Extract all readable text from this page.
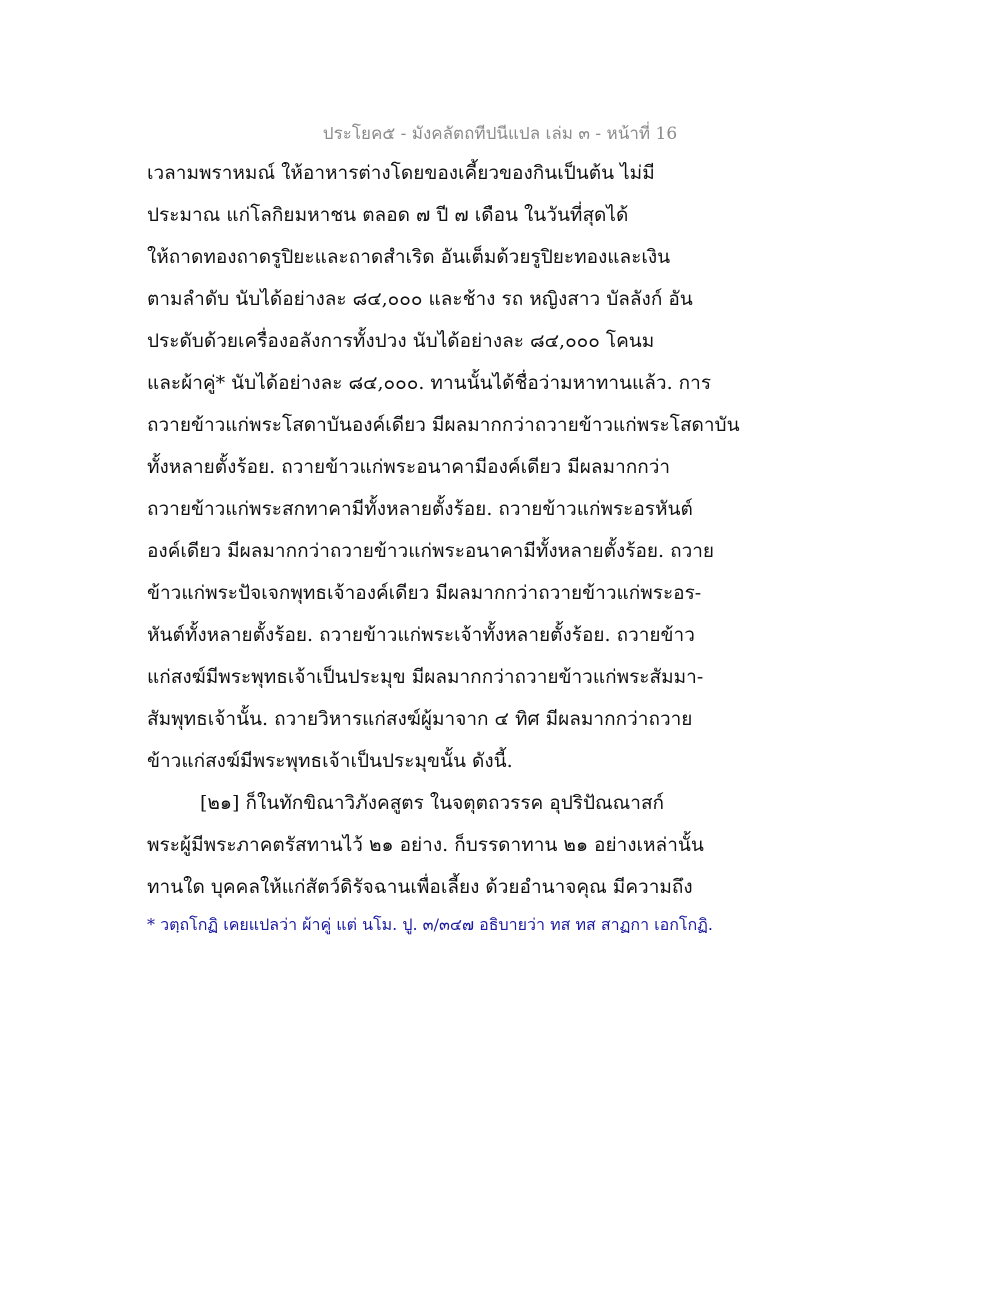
ประโยค๕ - มังคลัตถทีปนีแปล เล่ม ๓ - หน้าที่ 16
เวลามพราหมณ์ ให้อาหารต่างโดยของเคี้ยวของกินเป็นต้น ไม่มี
ประมาณ แก่โลกิยมหาชน ตลอด ๗ ปี ๗ เดือน ในวันที่สุดได้
ให้ถาดทองถาดรูปิยะและถาดสำเริด อันเต็มด้วยรูปิยะทองและเงิน
ตามลำดับ นับได้อย่างละ ๘๔,๐๐๐ และช้าง รถ หญิงสาว บัลลังก์ อัน
ประดับด้วยเครื่องอลังการทั้งปวง นับได้อย่างละ ๘๔,๐๐๐ โคนม
และผ้าคู่* นับได้อย่างละ ๘๔,๐๐๐. ทานนั้นได้ชื่อว่ามหาทานแล้ว. การ
ถวายข้าวแก่พระโสดาบันองค์เดียว มีผลมากกว่าถวายข้าวแก่พระโสดาบัน
ทั้งหลายตั้งร้อย. ถวายข้าวแก่พระอนาคามีองค์เดียว มีผลมากกว่า
ถวายข้าวแก่พระสกทาคามีทั้งหลายตั้งร้อย. ถวายข้าวแก่พระอรหันต์
องค์เดียว มีผลมากกว่าถวายข้าวแก่พระอนาคามีทั้งหลายตั้งร้อย. ถวาย
ข้าวแก่พระปัจเจกพุทธเจ้าองค์เดียว มีผลมากกว่าถวายข้าวแก่พระอร-
หันต์ทั้งหลายตั้งร้อย. ถวายข้าวแก่พระเจ้าทั้งหลายตั้งร้อย. ถวายข้าว
แก่สงฆ์มีพระพุทธเจ้าเป็นประมุข มีผลมากกว่าถวายข้าวแก่พระสัมมา-
สัมพุทธเจ้านั้น. ถวายวิหารแก่สงฆ์ผู้มาจาก ๔ ทิศ มีผลมากกว่าถวาย
ข้าวแก่สงฆ์มีพระพุทธเจ้าเป็นประมุขนั้น ดังนี้.
[๒๑] ก็ในทักขิณาวิภังคสูตร ในจตุตถวรรค อุปริปัณณาสก์
พระผู้มีพระภาคตรัสทานไว้ ๒๑ อย่าง. ก็บรรดาทาน ๒๑ อย่างเหล่านั้น
ทานใด บุคคลให้แก่สัตว์ดิรัจฉานเพื่อเลี้ยง ด้วยอำนาจคุณ มีความถึง
* วตฺถโกฏิ เคยแปลว่า ผ้าคู่ แต่ นโม. ปู. ๓/๓๔๗ อธิบายว่า ทส ทส สาฏกา เอกโกฏิ.
